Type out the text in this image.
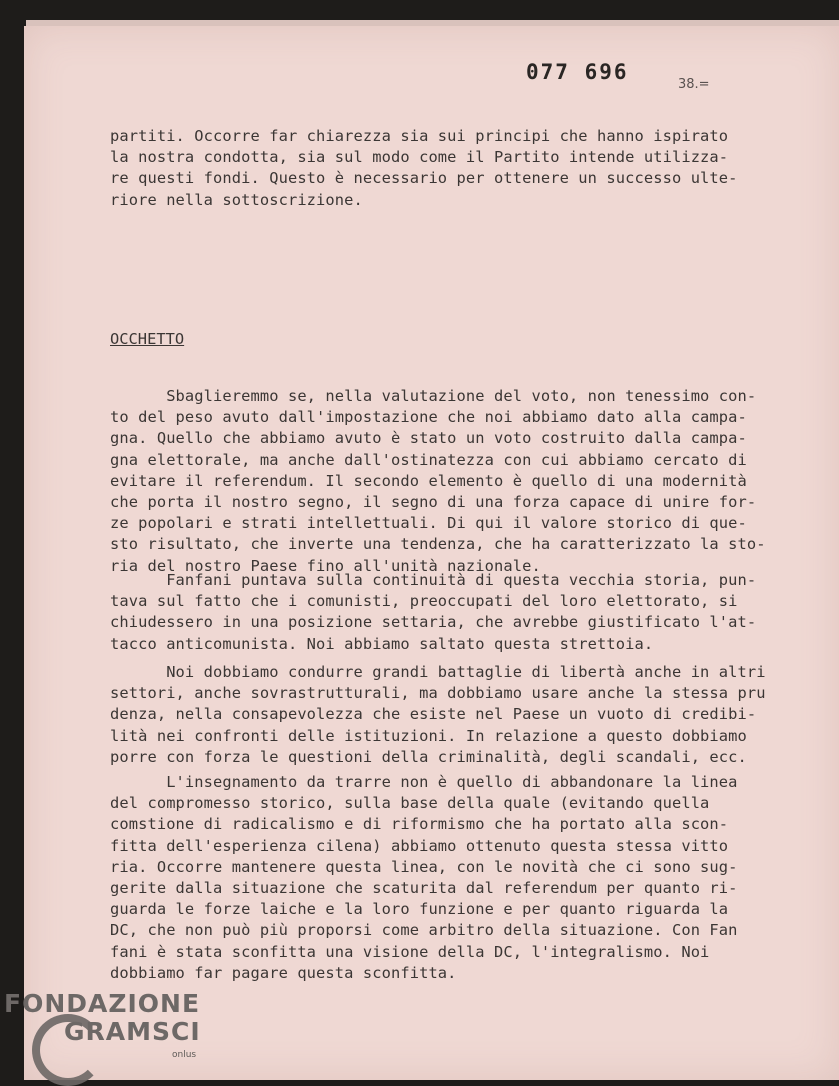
077 696
38.=
partiti. Occorre far chiarezza sia sui principi che hanno ispirato
la nostra condotta, sia sul modo come il Partito intende utilizza-
re questi fondi. Questo è necessario per ottenere un successo ulte-
riore nella sottoscrizione.
OCCHETTO
Sbaglieremmo se, nella valutazione del voto, non tenessimo con-
to del peso avuto dall'impostazione che noi abbiamo dato alla campa-
gna. Quello che abbiamo avuto è stato un voto costruito dalla campa-
gna elettorale, ma anche dall'ostinatezza con cui abbiamo cercato di
evitare il referendum. Il secondo elemento è quello di una modernità
che porta il nostro segno, il segno di una forza capace di unire for-
ze popolari e strati intellettuali. Di qui il valore storico di que-
sto risultato, che inverte una tendenza, che ha caratterizzato la sto-
ria del nostro Paese fino all'unità nazionale.
Fanfani puntava sulla continuità di questa vecchia storia, pun-
tava sul fatto che i comunisti, preoccupati del loro elettorato, si
chiudessero in una posizione settaria, che avrebbe giustificato l'at-
tacco anticomunista. Noi abbiamo saltato questa strettoia.
Noi dobbiamo condurre grandi battaglie di libertà anche in altri
settori, anche sovrastrutturali, ma dobbiamo usare anche la stessa pru
denza, nella consapevolezza che esiste nel Paese un vuoto di credibi-
lità nei confronti delle istituzioni. In relazione a questo dobbiamo
porre con forza le questioni della criminalità, degli scandali, ecc.
L'insegnamento da trarre non è quello di abbandonare la linea
del compromesso storico, sulla base della quale (evitando quella
comstione di radicalismo e di riformismo che ha portato alla scon-
fitta dell'esperienza cilena) abbiamo ottenuto questa stessa vitto
ria. Occorre mantenere questa linea, con le novità che ci sono sug-
gerite dalla situazione che scaturita dal referendum per quanto ri-
guarda le forze laiche e la loro funzione e per quanto riguarda la
DC, che non può più proporsi come arbitro della situazione. Con Fan
fani è stata sconfitta una visione della DC, l'integralismo. Noi
dobbiamo far pagare questa sconfitta.
FONDAZIONE
GRAMSCI
onlus
